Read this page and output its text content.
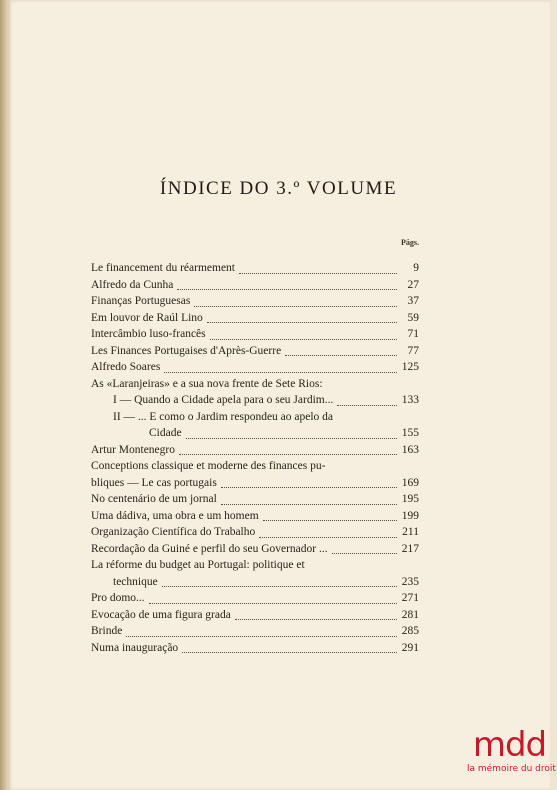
ÍNDICE DO 3.º VOLUME
Págs.
Le financement du réarmement	9
Alfredo da Cunha	27
Finanças Portuguesas	37
Em louvor de Raúl Lino	59
Intercâmbio luso-francês	71
Les Finances Portugaises d'Après-Guerre	77
Alfredo Soares	125
As «Laranjeiras» e a sua nova frente de Sete Rios:
I — Quando a Cidade apela para o seu Jardim...	133
II — ... E como o Jardim respondeu ao apelo da
Cidade	155
Artur Montenegro	163
Conceptions classique et moderne des finances pu-
bliques — Le cas portugais	169
No centenário de um jornal	195
Uma dádiva, uma obra e um homem	199
Organização Científica do Trabalho	211
Recordação da Guiné e perfil do seu Governador ...	217
La réforme du budget au Portugal: politique et
technique	235
Pro domo...	271
Evocação de uma figura grada	281
Brinde	285
Numa inauguração	291
mdd
la mémoire du droit
